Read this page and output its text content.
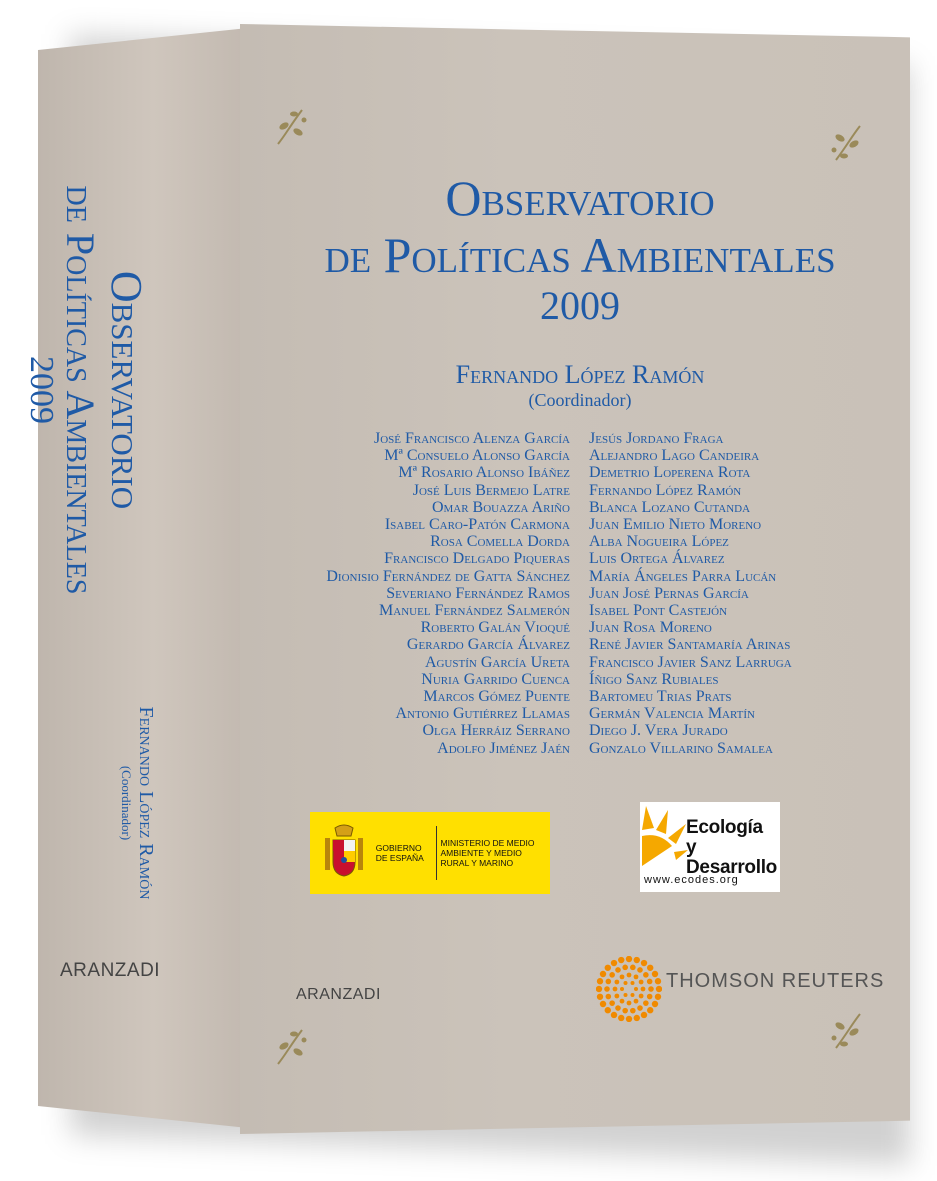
Observatorio
de Políticas Ambientales
2009
Fernando López Ramón
(Coordinador)
ARANZADI
Observatorio
de Políticas Ambientales
2009
Fernando López Ramón
(Coordinador)
José Francisco Alenza García
Mª Consuelo Alonso García
Mª Rosario Alonso Ibáñez
José Luis Bermejo Latre
Omar Bouazza Ariño
Isabel Caro-Patón Carmona
Rosa Comella Dorda
Francisco Delgado Piqueras
Dionisio Fernández de Gatta Sánchez
Severiano Fernández Ramos
Manuel Fernández Salmerón
Roberto Galán Vioqué
Gerardo García Álvarez
Agustín García Ureta
Nuria Garrido Cuenca
Marcos Gómez Puente
Antonio Gutiérrez Llamas
Olga Herráiz Serrano
Adolfo Jiménez Jaén
Jesús Jordano Fraga
Alejandro Lago Candeira
Demetrio Loperena Rota
Fernando López Ramón
Blanca Lozano Cutanda
Juan Emilio Nieto Moreno
Alba Nogueira López
Luis Ortega Álvarez
María Ángeles Parra Lucán
Juan José Pernas García
Isabel Pont Castejón
Juan Rosa Moreno
René Javier Santamaría Arinas
Francisco Javier Sanz Larruga
Íñigo Sanz Rubiales
Bartomeu Trias Prats
Germán Valencia Martín
Diego J. Vera Jurado
Gonzalo Villarino Samalea
GOBIERNO DE ESPAÑA
MINISTERIO DE MEDIO AMBIENTE Y MEDIO RURAL Y MARINO
Ecología y Desarrollo
www.ecodes.org
ARANZADI
THOMSON REUTERS
